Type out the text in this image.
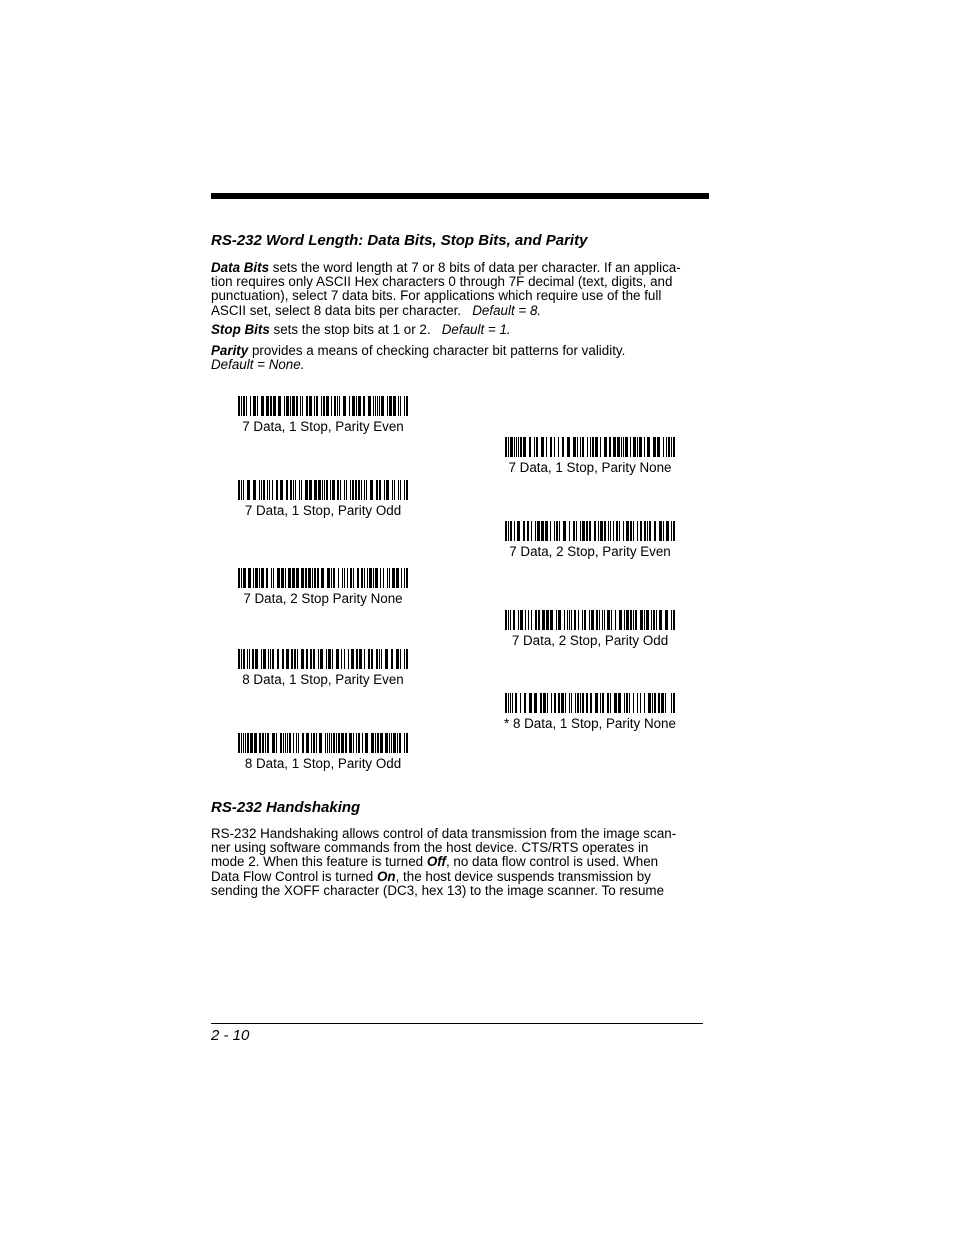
RS-232 Word Length: Data Bits, Stop Bits, and Parity
Data Bits sets the word length at 7 or 8 bits of data per character. If an applica-
tion requires only ASCII Hex characters 0 through 7F decimal (text, digits, and
punctuation), select 7 data bits. For applications which require use of the full
ASCII set, select 8 data bits per character. Default = 8.
Stop Bits sets the stop bits at 1 or 2. Default = 1.
Parity provides a means of checking character bit patterns for validity.
Default = None.
7 Data, 1 Stop, Parity Even
7 Data, 1 Stop, Parity Odd
7 Data, 2 Stop Parity None
8 Data, 1 Stop, Parity Even
8 Data, 1 Stop, Parity Odd
7 Data, 1 Stop, Parity None
7 Data, 2 Stop, Parity Even
7 Data, 2 Stop, Parity Odd
* 8 Data, 1 Stop, Parity None
RS-232 Handshaking
RS-232 Handshaking allows control of data transmission from the image scan-
ner using software commands from the host device. CTS/RTS operates in
mode 2. When this feature is turned Off, no data flow control is used. When
Data Flow Control is turned On, the host device suspends transmission by
sending the XOFF character (DC3, hex 13) to the image scanner. To resume

2 - 10
